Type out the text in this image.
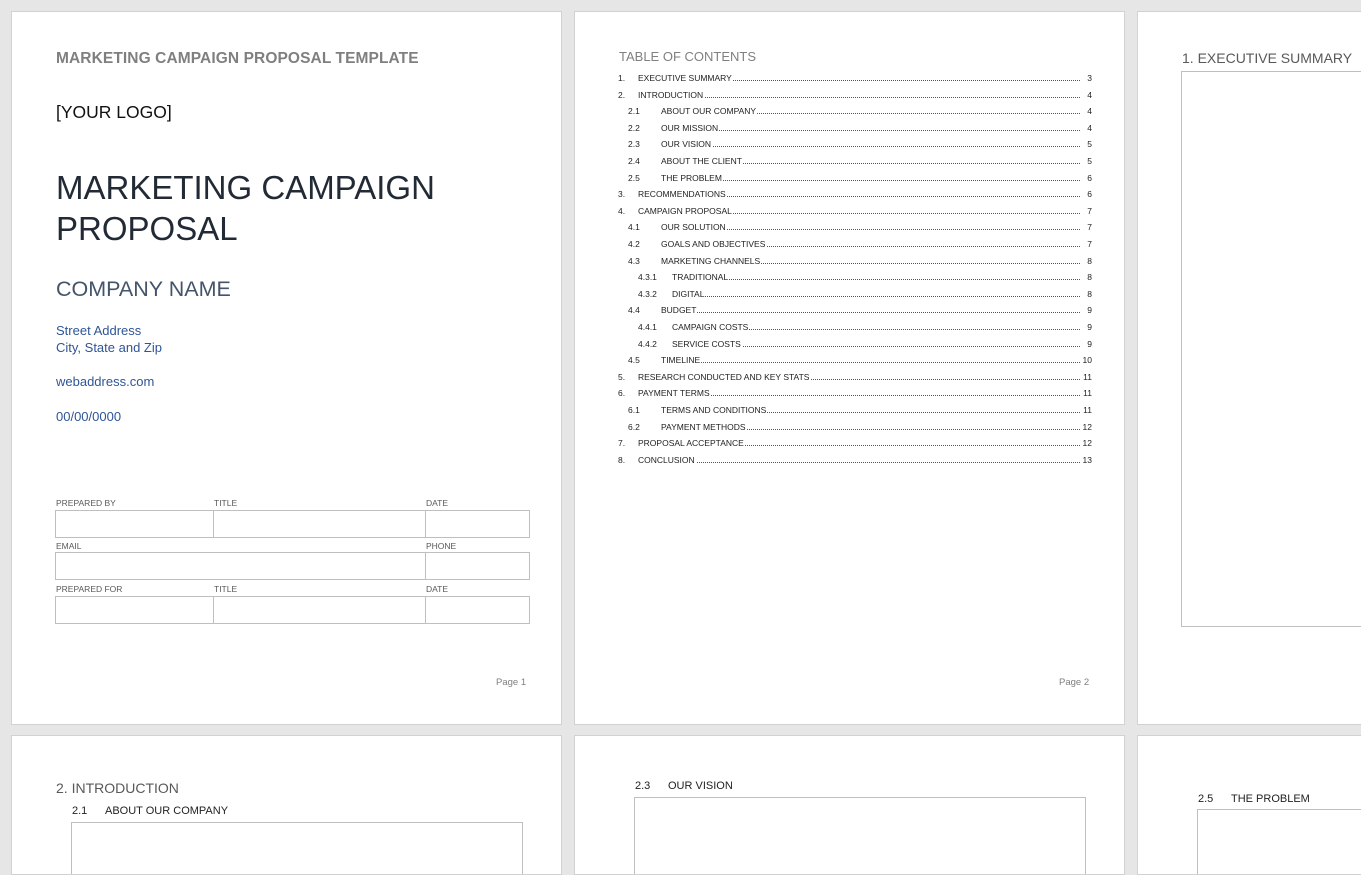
MARKETING CAMPAIGN PROPOSAL TEMPLATE
[YOUR LOGO]
MARKETING CAMPAIGN
PROPOSAL
COMPANY NAME
Street Address
City, State and Zip
webaddress.com
00/00/0000
PREPARED BY	TITLE	DATE
EMAIL	PHONE
PREPARED FOR	TITLE	DATE
Page 1
TABLE OF CONTENTS
Page 2
1. EXECUTIVE SUMMARY	3
2. INTRODUCTION	4
2.1 ABOUT OUR COMPANY	4
2.2 OUR MISSION	4
2.3 OUR VISION	5
2.4 ABOUT THE CLIENT	5
2.5 THE PROBLEM	6
3. RECOMMENDATIONS	6
4. CAMPAIGN PROPOSAL	7
4.1 OUR SOLUTION	7
4.2 GOALS AND OBJECTIVES	7
4.3 MARKETING CHANNELS	8
4.3.1 TRADITIONAL	8
4.3.2 DIGITAL	8
4.4 BUDGET	9
4.4.1 CAMPAIGN COSTS	9
4.4.2 SERVICE COSTS	9
4.5 TIMELINE	10
5. RESEARCH CONDUCTED AND KEY STATS	11
6. PAYMENT TERMS	11
6.1 TERMS AND CONDITIONS	11
6.2 PAYMENT METHODS	12
7. PROPOSAL ACCEPTANCE	12
8. CONCLUSION	13
1. EXECUTIVE SUMMARY
2. INTRODUCTION
2.1 ABOUT OUR COMPANY
2.3 OUR VISION
2.5 THE PROBLEM
